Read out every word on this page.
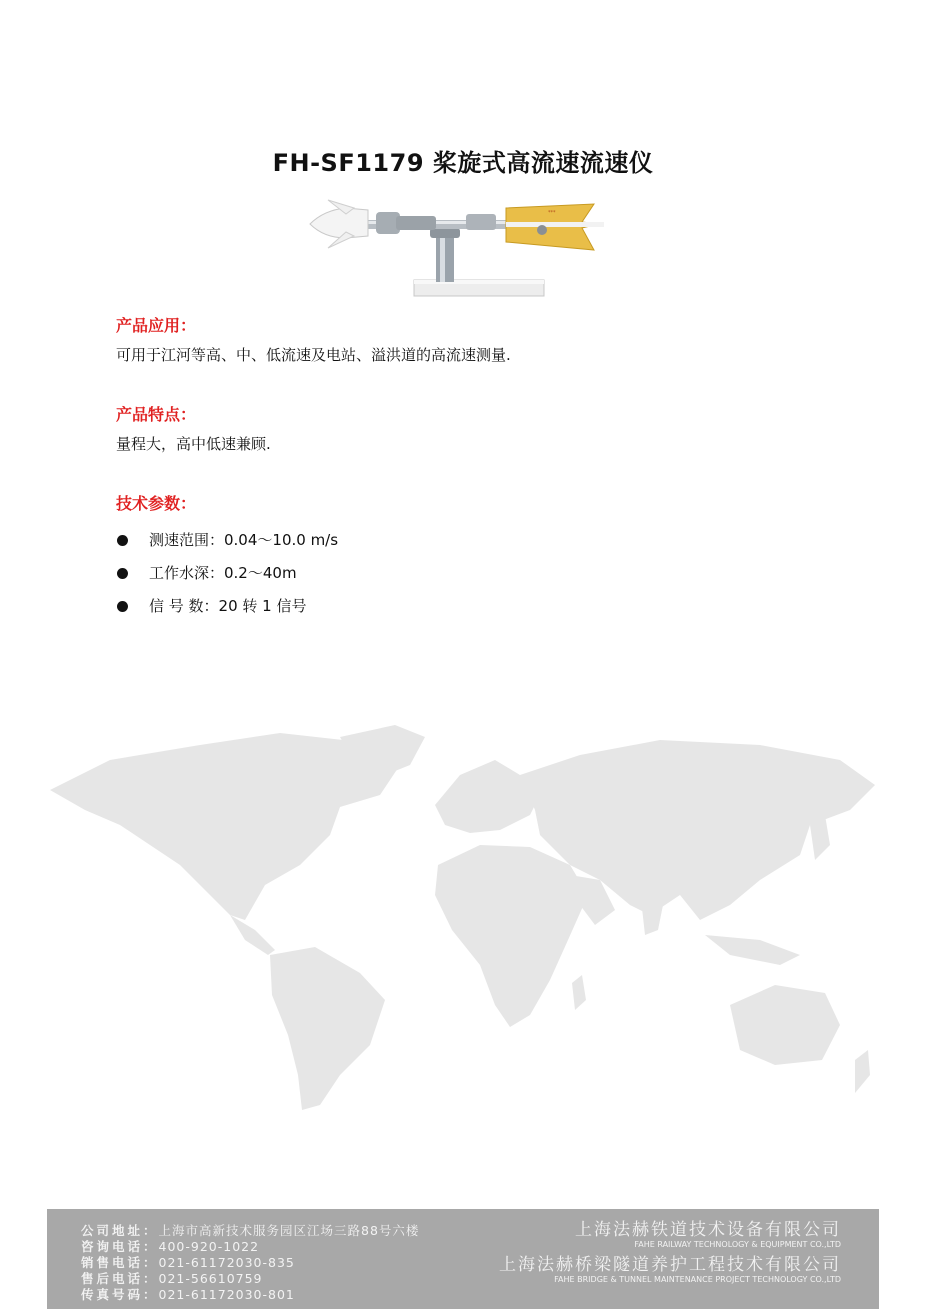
FH-SF1179 桨旋式高流速流速仪
***
产品应用：
可用于江河等高、中、低流速及电站、溢洪道的高流速测量.
产品特点：
量程大，高中低速兼顾.
技术参数：
测速范围：0.04～10.0 m/s
工作水深：0.2～40m
信 号 数：20 转 1 信号
公司地址：上海市高新技术服务园区江场三路88号六楼
咨询电话：400-920-1022
销售电话：021-61172030-835
售后电话：021-56610759
传真号码：021-61172030-801
上海法赫铁道技术设备有限公司
FAHE RAILWAY TECHNOLOGY & EQUIPMENT CO.,LTD
上海法赫桥梁隧道养护工程技术有限公司
FAHE BRIDGE & TUNNEL MAINTENANCE PROJECT TECHNOLOGY CO.,LTD
